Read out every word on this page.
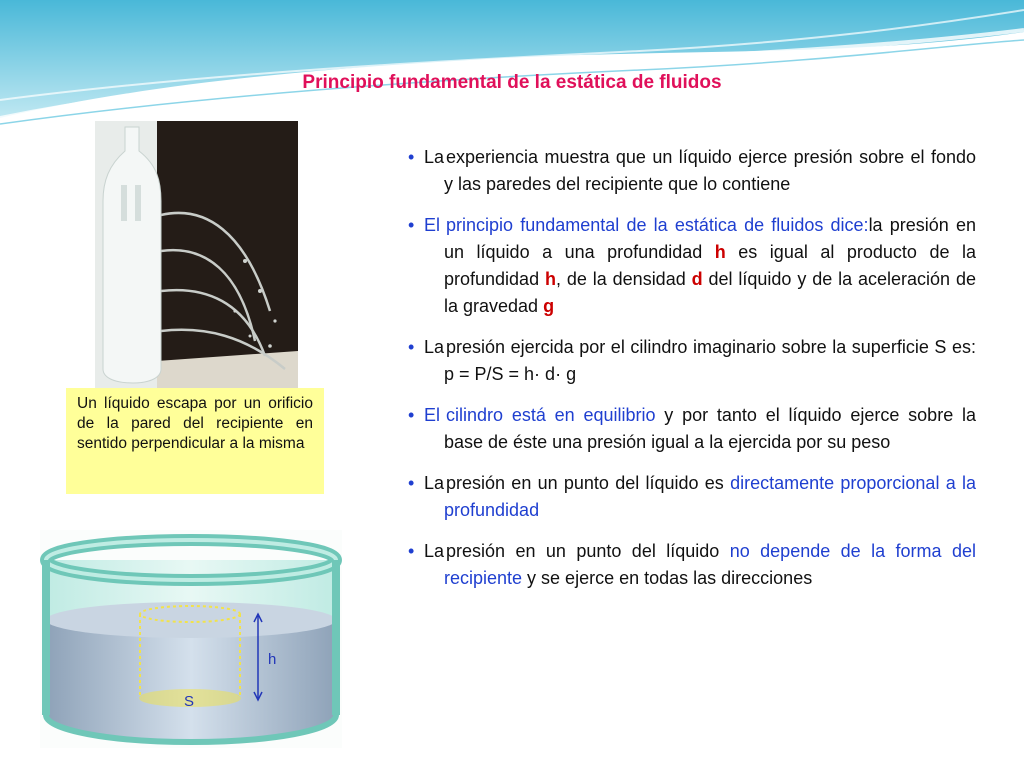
Principio fundamental de la estática de fluidos
Un líquido escapa por un orificio de la pared del recipiente en sentido perpendicular a la misma
h
S
• La experiencia muestra que un líquido ejerce presión sobre el fondo y las paredes del recipiente que lo contiene
• El principio fundamental de la estática de fluidos dice:la presión en un líquido a una profundidad h es igual al producto de la profundidad h, de la densidad d del líquido y de la aceleración de la gravedad g
• La presión ejercida por el cilindro imaginario sobre la superficie S es: p = P/S = h· d· g
• El cilindro está en equilibrio y por tanto el líquido ejerce sobre la base de éste una presión igual a la ejercida por su peso
• La presión en un punto del líquido es directamente proporcional a la profundidad
• La presión en un punto del líquido no depende de la forma del recipiente y se ejerce en todas las direcciones
